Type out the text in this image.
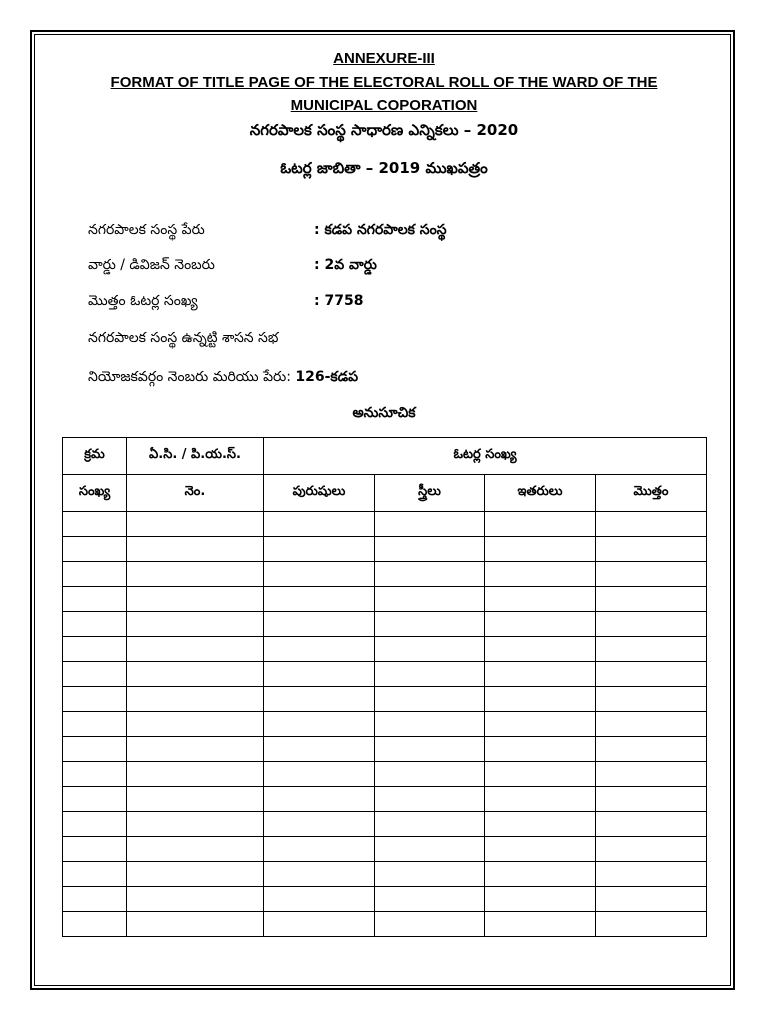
ANNEXURE-III
FORMAT OF TITLE PAGE OF THE ELECTORAL ROLL OF THE WARD OF THE
MUNICIPAL COPORATION
నగరపాలక సంస్థ సాధారణ ఎన్నికలు – 2020
ఓటర్ల జాబితా – 2019 ముఖపత్రం
నగరపాలక సంస్థ పేరు	: కడప నగరపాలక సంస్థ
వార్డు / డివిజన్ నెంబరు	: 2వ వార్డు
మొత్తం ఓటర్ల సంఖ్య	: 7758
నగరపాలక సంస్థ ఉన్నట్టి శాసన సభ
నియోజకవర్గం నెంబరు మరియు పేరు: 126-కడప
అనుసూచిక
క్రమ	ఏ.సి. / పి.య.స్.	ఓటర్ల సంఖ్య			
సంఖ్య	నెం.	పురుషులు	స్త్రీలు	ఇతరులు	మొత్తం
